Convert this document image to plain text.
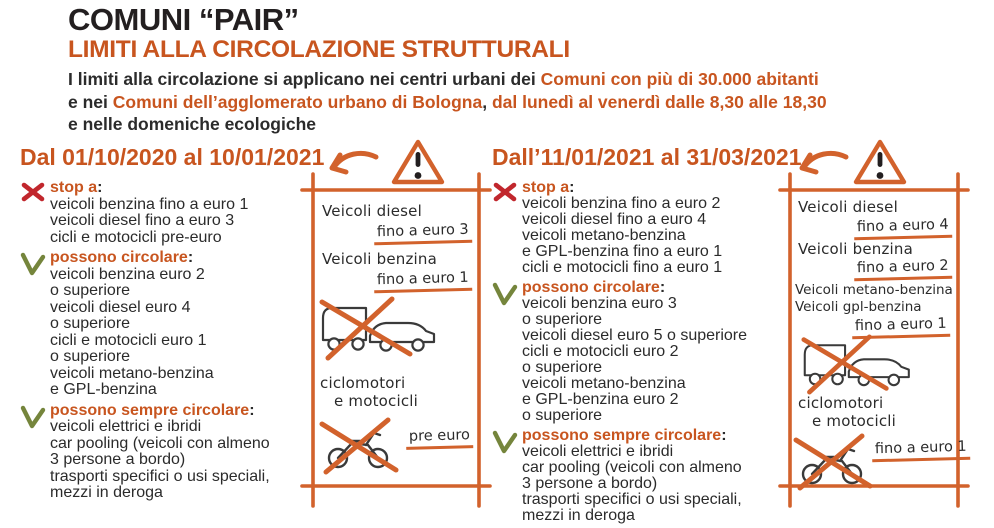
COMUNI “PAIR”
LIMITI ALLA CIRCOLAZIONE STRUTTURALI
I limiti alla circolazione si applicano nei centri urbani dei Comuni con più di 30.000 abitanti
e nei Comuni dell’agglomerato urbano di Bologna, dal lunedì al venerdì dalle 8,30 alle 18,30
e nelle domeniche ecologiche
Dal 01/10/2020 al 10/01/2021
stop a:
veicoli benzina fino a euro 1
veicoli diesel fino a euro 3
cicli e motocicli pre-euro
possono circolare:
veicoli benzina euro 2
o superiore
veicoli diesel euro 4
o superiore
cicli e motocicli euro 1
o superiore
veicoli metano-benzina
e GPL-benzina
possono sempre circolare:
veicoli elettrici e ibridi
car pooling (veicoli con almeno
3 persone a bordo)
trasporti specifici o usi speciali,
mezzi in deroga
Dall’11/01/2021 al 31/03/2021
stop a:
veicoli benzina fino a euro 2
veicoli diesel fino a euro 4
veicoli metano-benzina
e GPL-benzina fino a euro 1
cicli e motocicli fino a euro 1
possono circolare:
veicoli benzina euro 3
o superiore
veicoli diesel euro 5 o superiore
cicli e motocicli euro 2
o superiore
veicoli metano-benzina
e GPL-benzina euro 2
o superiore
possono sempre circolare:
veicoli elettrici e ibridi
car pooling (veicoli con almeno
3 persone a bordo)
trasporti specifici o usi speciali,
mezzi in deroga
Veicoli diesel
fino a euro 3
Veicoli benzina
fino a euro 1
ciclomotori
e motocicli
pre euro
Veicoli diesel
fino a euro 4
Veicoli benzina
fino a euro 2
Veicoli metano-benzina
Veicoli gpl-benzina
fino a euro 1
ciclomotori
e motocicli
fino a euro 1
